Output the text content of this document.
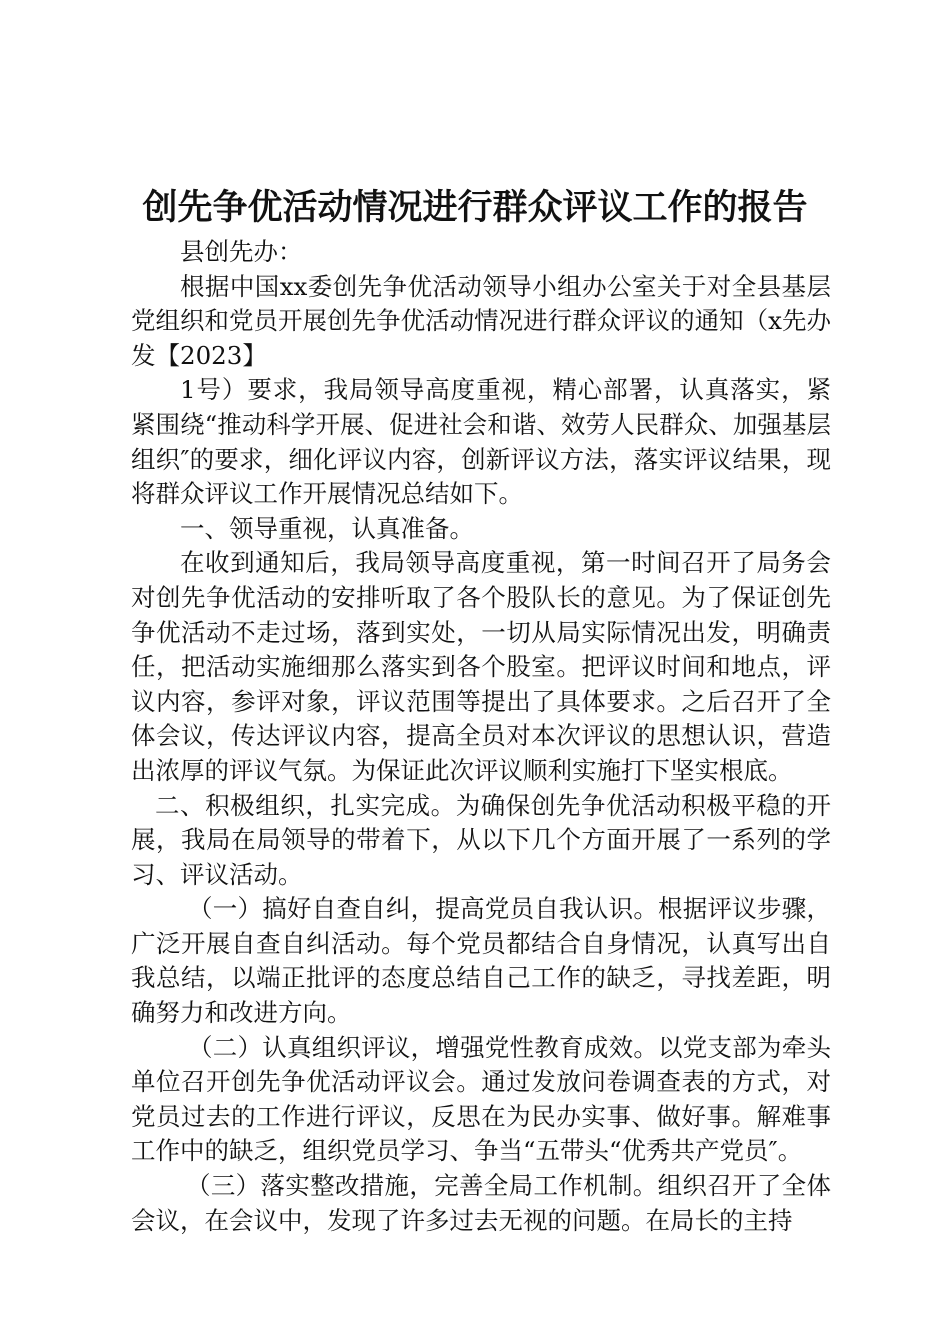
创先争优活动情况进行群众评议工作的报告

县创先办：

根据中国xx委创先争优活动领导小组办公室关于对全县基层党组织和党员开展创先争优活动情况进行群众评议的通知（x先办发【2023】

1号）要求，我局领导高度重视，精心部署，认真落实，紧紧围绕“推动科学开展、促进社会和谐、效劳人民群众、加强基层组织″的要求，细化评议内容，创新评议方法，落实评议结果，现将群众评议工作开展情况总结如下。

一、领导重视，认真准备。

在收到通知后，我局领导高度重视，第一时间召开了局务会对创先争优活动的安排听取了各个股队长的意见。为了保证创先争优活动不走过场，落到实处，一切从局实际情况出发，明确责任，把活动实施细那么落实到各个股室。把评议时间和地点，评议内容，参评对象，评议范围等提出了具体要求。之后召开了全体会议，传达评议内容，提高全员对本次评议的思想认识，营造出浓厚的评议气氛。为保证此次评议顺利实施打下坚实根底。

二、积极组织，扎实完成。为确保创先争优活动积极平稳的开展，我局在局领导的带着下，从以下几个方面开展了一系列的学习、评议活动。

（一）搞好自查自纠，提高党员自我认识。根据评议步骤，广泛开展自查自纠活动。每个党员都结合自身情况，认真写出自我总结，以端正批评的态度总结自己工作的缺乏，寻找差距，明确努力和改进方向。

（二）认真组织评议，增强党性教育成效。以党支部为牵头单位召开创先争优活动评议会。通过发放问卷调查表的方式，对党员过去的工作进行评议，反思在为民办实事、做好事。解难事工作中的缺乏，组织党员学习、争当“五带头“优秀共产党员″。

（三）落实整改措施，完善全局工作机制。组织召开了全体会议，在会议中，发现了许多过去无视的问题。在局长的主持
